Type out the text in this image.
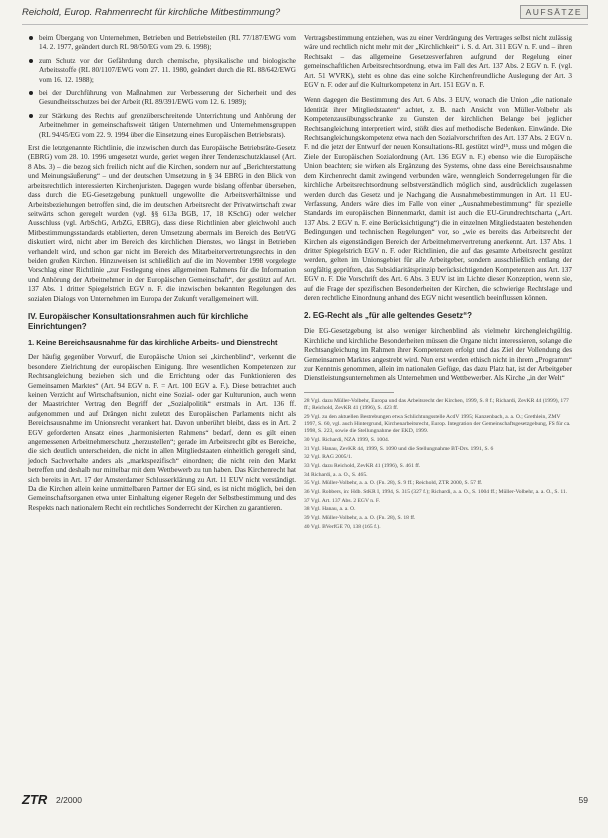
Reichold, Europ. Rahmenrecht für kirchliche Mitbestimmung?	AUFSÄTZE
beim Übergang von Unternehmen, Betrieben und Betriebsteilen (RL 77/187/EWG vom 14. 2. 1977, geändert durch RL 98/50/EG vom 29. 6. 1998);
zum Schutz vor der Gefährdung durch chemische, physikalische und biologische Arbeitsstoffe (RL 80/1107/EWG vom 27. 11. 1980, geändert durch die RL 88/642/EWG vom 16. 12. 1988);
bei der Durchführung von Maßnahmen zur Verbesserung der Sicherheit und des Gesundheitsschutzes bei der Arbeit (RL 89/391/EWG vom 12. 6. 1989);
zur Stärkung des Rechts auf grenzüberschreitende Unterrichtung und Anhörung der Arbeitnehmer in gemeinschaftsweit tätigen Unternehmen und Unternehmensgruppen (RL 94/45/EG vom 22. 9. 1994 über die Einsetzung eines Europäischen Betriebsrats).

Erst die letztgenannte Richtlinie, die inzwischen durch das Europäische Betriebsräte-Gesetz (EBRG) vom 28. 10. 1996 umgesetzt wurde, geriet wegen ihrer Tendenzschutzklausel (Art. 8 Abs. 3) – die bezog sich freilich nicht auf die Kirchen, sondern nur auf „Berichterstattung und Meinungsäußerung“ – und der deutschen Umsetzung in § 34 EBRG in den Blick von arbeitsrechtlich interessierten Kirchenjuristen. Dagegen wurde bislang offenbar übersehen, dass durch die EG-Gesetzgebung punktuell ungewollte die Arbeitsverhältnisse und Arbeitsbeziehungen betroffen sind, die im deutschen Arbeitsrecht der Privatwirtschaft zwar seitwärts schon geregelt wurden (vgl. §§ 613a BGB, 17, 18 KSchG) oder welcher Ausschluss (vgl. ArbSchG, ArbZG, EBRG), dass diese Richtlinien aber gleichwohl auch Mitbestimmungsstandards etablierten, deren Umsetzung abermals im Bereich des BetrVG diskutiert wird, nicht aber im Bereich des kirchlichen Dienstes, wo längst in Betrieben verhandelt wird, und schon gar nicht im Bereich des Mitarbeitervertretungsrechts in den beiden großen Kirchen. Hinzuweisen ist schließlich auf die im November 1998 vorgelegte Vorschlag einer Richtlinie „zur Festlegung eines allgemeinen Rahmens für die Information und Anhörung der Arbeitnehmer in der Europäischen Gemeinschaft“, der gestützt auf Art. 137 Abs. 1 dritter Spiegelstrich EGV n. F. die inzwischen bekannten Regelungen des sozialen Dialogs von Unternehmen im Europa der Zukunft verallgemeinert will.

IV. Europäischer Konsultationsrahmen auch für kirchliche Einrichtungen?
1. Keine Bereichsausnahme für das kirchliche Arbeits- und Dienstrecht

Der häufig gegenüber Vorwurf, die Europäische Union sei „kirchenblind“, verkennt die besondere Zielrichtung der europäischen Einigung. Ihre wesentlichen Kompetenzen zur Rechtsangleichung beziehen sich und die Errichtung oder das Funktionieren des Gemeinsamen Marktes“ (Art. 94 EGV n. F. = Art. 100 EGV a. F.). Diese betrachtet auch keinen Verzicht auf Wirtschaftsunion, nicht eine Sozial- oder gar Kulturunion, auch wenn der Maastrichter Vertrag den Begriff der „Sozialpolitik“ erstmals in Art. 136 ff. aufgenommen und auf Drängen nicht zuletzt des Europäischen Parlaments nicht als Bereichsausnahme im Unionsrecht verankert hat. Davon unberührt bleibt, dass es in Art. 2 EGV geforderten Ansatz eines „harmonisierten Rahmens“ bedarf, denn es gilt einen angemessenen Arbeitnehmerschutz „herzustellen“; gerade im Arbeitsrecht gibt es Bereiche, die sich deutlich unterscheiden, die nicht in allen Mitgliedstaaten einheitlich geregelt sind, jedoch Sachverhalte anders als „marktspezifisch“ einordnen; die nicht rein den Markt betreffen und deshalb nur mittelbar mit dem Wettbewerb zu tun haben. Das Kirchenrecht hat sich bereits in Art. 17 der Amsterdamer Schlusserklärung zu Art. 11 EUV nicht verständigt. Da die Kirchen allein keine unmittelbaren Partner der EG sind, es ist nicht möglich, bei den Gemeinschaftsorganen etwa unter Einhaltung eigener Regeln der Selbstbestimmung und des Respekts nach nationalem Recht ein rechtliches Sonderrecht der Kirchen zu garantieren.

Vertragsbestimmung entziehen, was zu einer Verdrängung des Vertrages selbst nicht zulässig wäre und rechtlich nicht mehr mit der „Kirchlichkeit“ i. S. d. Art. 311 EGV n. F. und – ihren Rechtsakt – das allgemeine Gesetzesverfahren aufgrund der Regelung einer gemeinschaftlichen Arbeitsrechtsordnung, etwa im Fall des Art. 137 Abs. 2 EGV n. F. (vgl. Art. 51 WVRK), steht es ohne das eine solche Kirchenfreundliche Auslegung der Art. 3 EGV n. F. oder auf die Kulturkompetenz in Art. 151 EGV n. F.

Wenn dagegen die Bestimmung des Art. 6 Abs. 3 EUV, wonach die Union „die nationale Identität ihrer Mitgliedstaaten“ achtet, z. B. nach Ansicht von Müller-Volbehr als Kompetenzausübungsschranke zu Gunsten der kirchlichen Belange bei jeglicher Rechtsangleichung interpretiert wird, stößt dies auf methodische Bedenken. Einwände. Die Rechtsangleichungskompetenz etwa nach den Sozialvorschriften des Art. 137 Abs. 2 EGV n. F. nd die jetzt der Entwurf der neuen Konsultations-RL gestützt wird¹⁵, muss und mögen die Ziele der Europäischen Sozialordnung (Art. 136 EGV n. F.) ebenso wie die Europäische Union beachten; sie wirken als Ergänzung des Systems, ohne dass eine Bereichsausnahme dem Kirchenrecht damit zwingend verbunden wäre, wenngleich Sonderregelungen für die kirchliche Arbeitsrechtsordnung selbstverständlich möglich sind, ausdrücklich zugelassen werden durch das Gesetz und je Nachgang die Ausnahmebestimmungen in Art. 11 EU-Verfassung, Anders wäre dies im Falle von einer „Ausnahmebestimmung“ für spezielle Standards im europäischen Binnenmarkt, damit ist auch die EU-Grundrechtscharta („Art. 137 Abs. 2 EGV n. F. eine Berücksichtigung“) die in einzelnen Mitgliedstaaten bestehenden Bedingungen und technischen Regelungen“ vor, so „wie es bereits das Arbeitsrecht der Kirchen als eigenständigen Bereich der Arbeitnehmervertretung anerkennt. Art. 137 Abs. 1 dritter Spiegelstrich EGV n. F. oder Richtlinien, die auf das gesamte Arbeitsrecht gestützt werden, gelten im Unionsgebiet für alle Arbeitgeber, sondern ausschließlich entlang der sorgfältig geprüften, das Subsidiaritätsprinzip berücksichtigenden Kompetenzen aus Art. 137 EGV n. F. Die Vorschrift des Art. 6 Abs. 3 EUV ist im Lichte dieser Konzeption, wenn sie, auf die Frage der spezifischen Besonderheiten der Kirchen, die schwierige Rechtslage und deren rechtliche Einordnung anhand des EGV nicht wesentlich beeinflussen können.

2. EG-Recht als „für alle geltendes Gesetz“?

Die EG-Gesetzgebung ist also weniger kirchenblind als vielmehr kirchengleichgültig. Kirchliche und kirchliche Besonderheiten müssen die Organe nicht interessieren, solange die Rechtsangleichung im Rahmen ihrer Kompetenzen erfolgt und das Ziel der Vollendung des Gemeinsamen Marktes angestrebt wird. Nun erst werden ethisch nicht in ihrem „Programm“ zur Kenntnis genommen, allein im nationalen Gefüge, das dazu Platz hat, ist der Arbeitgeber Dienstleistungsunternehmen als Unternehmen und Wettbewerber. Als Kirche „in der Welt“

28 Vgl. dazu Müller-Volbehr, Europa und das Arbeitsrecht der Kirchen, 1999, S. 8 f.; Richardi, ZevKR 44 (1999), 177 ff.; Reichold, ZevKR 41 (1996), S. 423 ff.
29 Vgl. zu den aktuellen Bestrebungen etwa Schlichtungsstelle AcdV 1995; Kanzenbach, a. a. O.; Grethlein, ZMV 1997, S. 60, vgl. auch Hintergrund, Kirchenarbeitsrecht, Europ. Integration der Gemeinschaftsgesetzgebung, FS für ca. 1998, S. 223, sowie die Stellungnahme der EKD, 1999.
30 Vgl. Richardi, NZA 1999, S. 1004.
31 Vgl. Hanau, ZevKR 44, 1999, S. 1090 und die Stellungnahme BT-Drs. 1991, S. 6
32 Vgl. RAG 2005/1.
33 Vgl. dazu Reichold, ZevKR 41 (1996), S. 461 ff.
34 Richardi, a. a. O., S. 465.
35 Vgl. Müller-Volbehr, a. a. O. (Fn. 28), S. 9 ff.; Reichold, ZTR 2000, S. 57 ff.
36 Vgl. Robbers, in: Hdb. StKR I, 1994, S. 315 (327 f.); Richardi, a. a. O., S. 1004 ff.; Müller-Volbehr, a. a. O., S. 11.
37 Vgl. Art. 137 Abs. 2 EGV n. F.
38 Vgl. Hanau, a. a. O.
39 Vgl. Müller-Volbehr, a. a. O. (Fn. 28), S. 18 ff.
40 Vgl. BVerfGE 70, 138 (165 f.).
ZTR 2/2000	59
